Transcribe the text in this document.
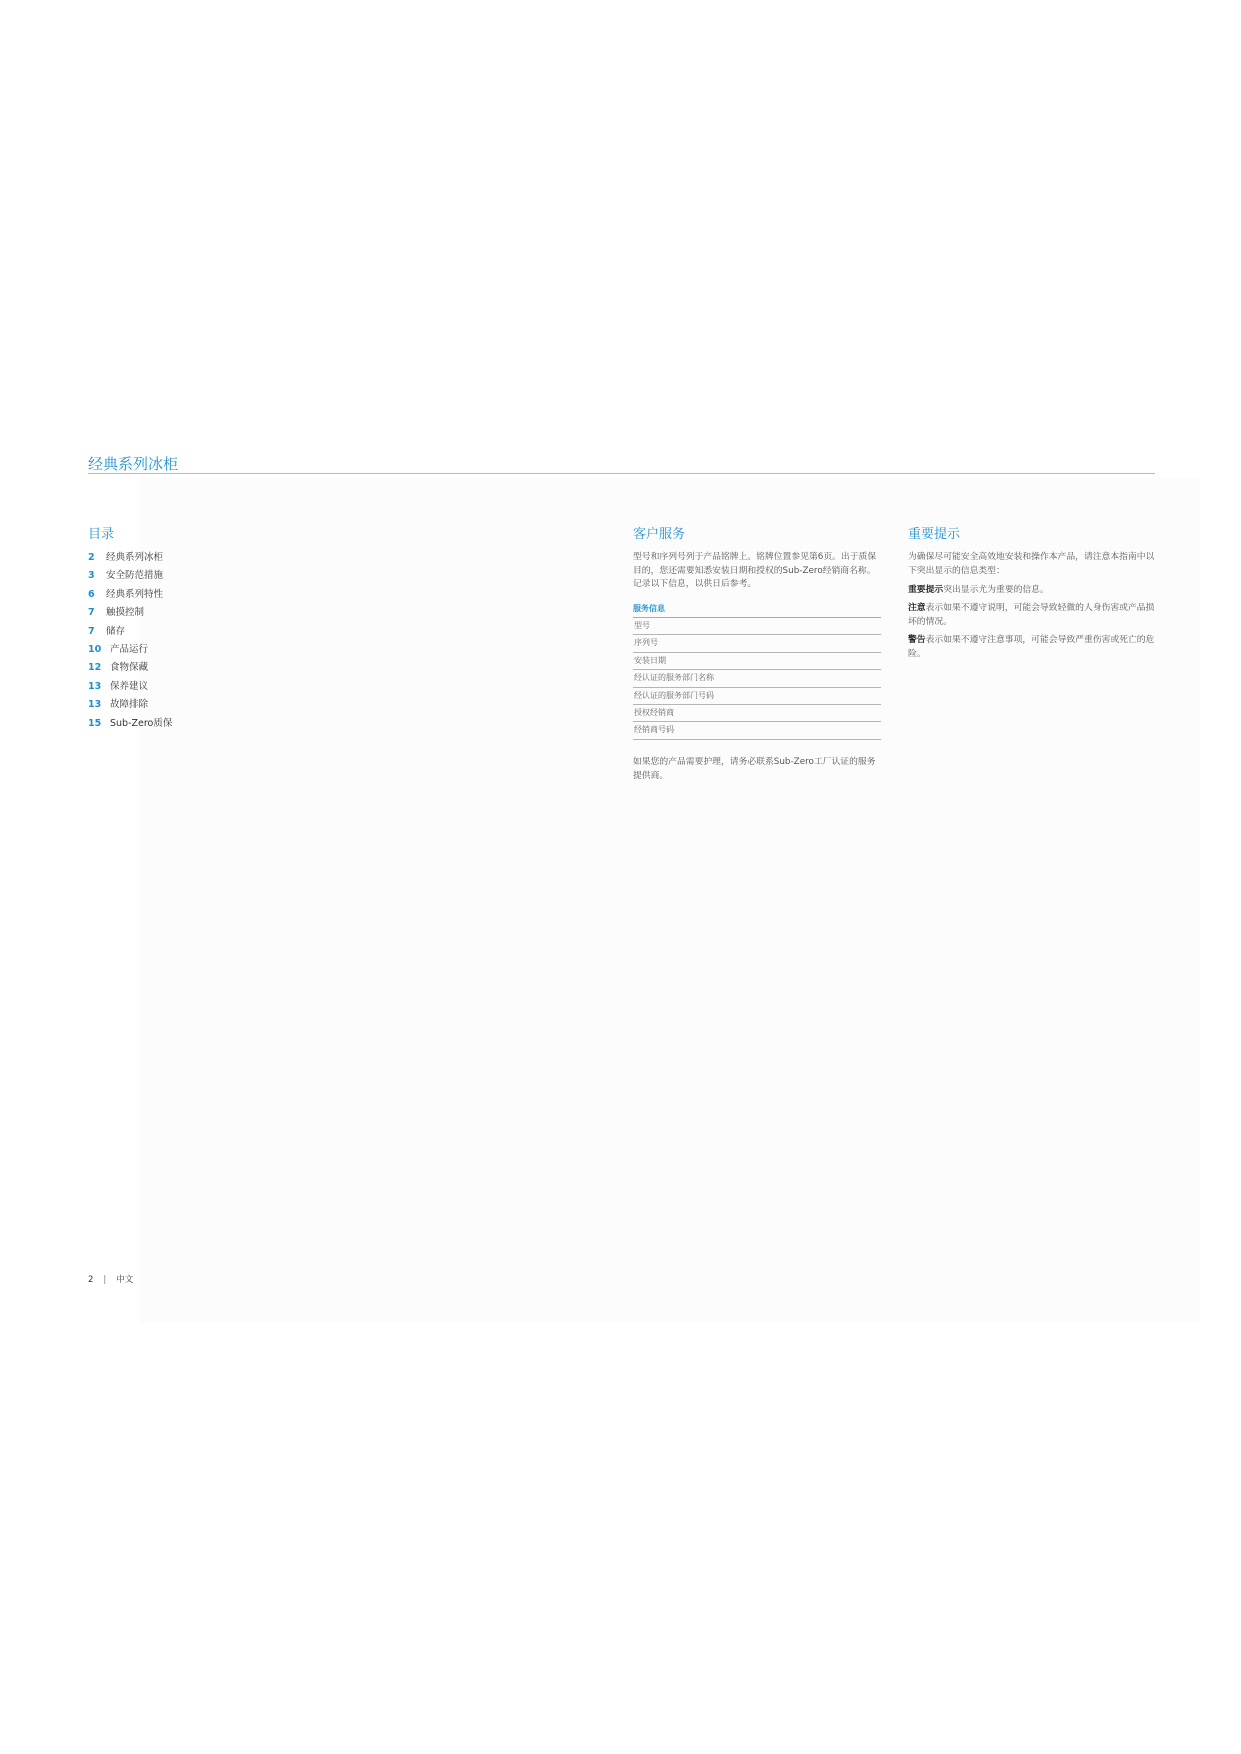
经典系列冰柜
目录
2 经典系列冰柜
3 安全防范措施
6 经典系列特性
7 触摸控制
7 储存
10 产品运行
12 食物保藏
13 保养建议
13 故障排除
15 Sub-Zero质保
客户服务
型号和序列号列于产品铭牌上。铭牌位置参见第6页。出于质保目的，您还需要知悉安装日期和授权的Sub-Zero经销商名称。记录以下信息，以供日后参考。
服务信息
型号
序列号
安装日期
经认证的服务部门名称
经认证的服务部门号码
授权经销商
经销商号码
如果您的产品需要护理，请务必联系Sub-Zero工厂认证的服务提供商。
重要提示
为确保尽可能安全高效地安装和操作本产品，请注意本指南中以下突出显示的信息类型：
重要提示突出显示尤为重要的信息。
注意表示如果不遵守说明，可能会导致轻微的人身伤害或产品损坏的情况。
警告表示如果不遵守注意事项，可能会导致严重伤害或死亡的危险。
2 | 中文
